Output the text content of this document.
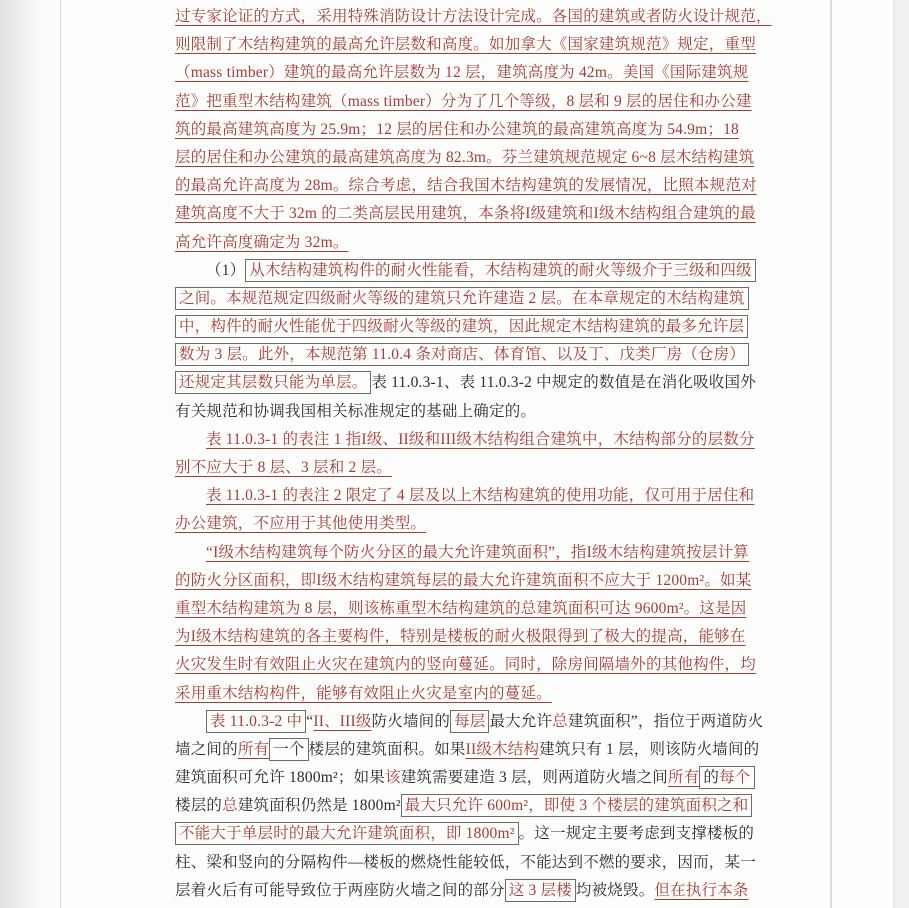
过专家论证的方式，采用特殊消防设计方法设计完成。各国的建筑或者防火设计规范，
则限制了木结构建筑的最高允许层数和高度。如加拿大《国家建筑规范》规定，重型
（mass timber）建筑的最高允许层数为 12 层，建筑高度为 42m。美国《国际建筑规
范》把重型木结构建筑（mass timber）分为了几个等级，8 层和 9 层的居住和办公建
筑的最高建筑高度为 25.9m；12 层的居住和办公建筑的最高建筑高度为 54.9m；18
层的居住和办公建筑的最高建筑高度为 82.3m。芬兰建筑规范规定 6~8 层木结构建筑
的最高允许高度为 28m。综合考虑，结合我国木结构建筑的发展情况，比照本规范对
建筑高度不大于 32m 的二类高层民用建筑，本条将I级建筑和I级木结构组合建筑的最
高允许高度确定为 32m。
（1） 从木结构建筑构件的耐火性能看，木结构建筑的耐火等级介于三级和四级
之间。本规范规定四级耐火等级的建筑只允许建造 2 层。在本章规定的木结构建筑
中，构件的耐火性能优于四级耐火等级的建筑，因此规定木结构建筑的最多允许层
数为 3 层。此外，本规范第 11.0.4 条对商店、体育馆、以及丁、戊类厂房（仓房）
还规定其层数只能为单层。 表 11.0.3-1、表 11.0.3-2 中规定的数值是在消化吸收国外
有关规范和协调我国相关标准规定的基础上确定的。
表 11.0.3-1 的表注 1 指I级、II级和III级木结构组合建筑中，木结构部分的层数分
别不应大于 8 层、3 层和 2 层。
表 11.0.3-1 的表注 2 限定了 4 层及以上木结构建筑的使用功能，仅可用于居住和
办公建筑，不应用于其他使用类型。
“I级木结构建筑每个防火分区的最大允许建筑面积”，指I级木结构建筑按层计算
的防火分区面积，即I级木结构建筑每层的最大允许建筑面积不应大于 1200m²。如某
重型木结构建筑为 8 层，则该栋重型木结构建筑的总建筑面积可达 9600m²。这是因
为I级木结构建筑的各主要构件，特别是楼板的耐火极限得到了极大的提高，能够在
火灾发生时有效阻止火灾在建筑内的竖向蔓延。同时，除房间隔墙外的其他构件，均
采用重木结构构件，能够有效阻止火灾是室内的蔓延。
表 11.0.3-2 中 “II、III级防火墙间的 每层 最大允许总建筑面积”，指位于两道防火
墙之间的所有 一个 楼层的建筑面积。如果II级木结构建筑只有 1 层，则该防火墙间的
建筑面积可允许 1800m²；如果该建筑需要建造 3 层，则两道防火墙之间所有 的每个
楼层的总建筑面积仍然是 1800m² 最大只允许 600m²，即使 3 个楼层的建筑面积之和
不能大于单层时的最大允许建筑面积，即 1800m² 。这一规定主要考虑到支撑楼板的
柱、梁和竖向的分隔构件—楼板的燃烧性能较低，不能达到不燃的要求，因而，某一
层着火后有可能导致位于两座防火墙之间的部分 这 3 层楼 均被烧毁。但在执行本条
